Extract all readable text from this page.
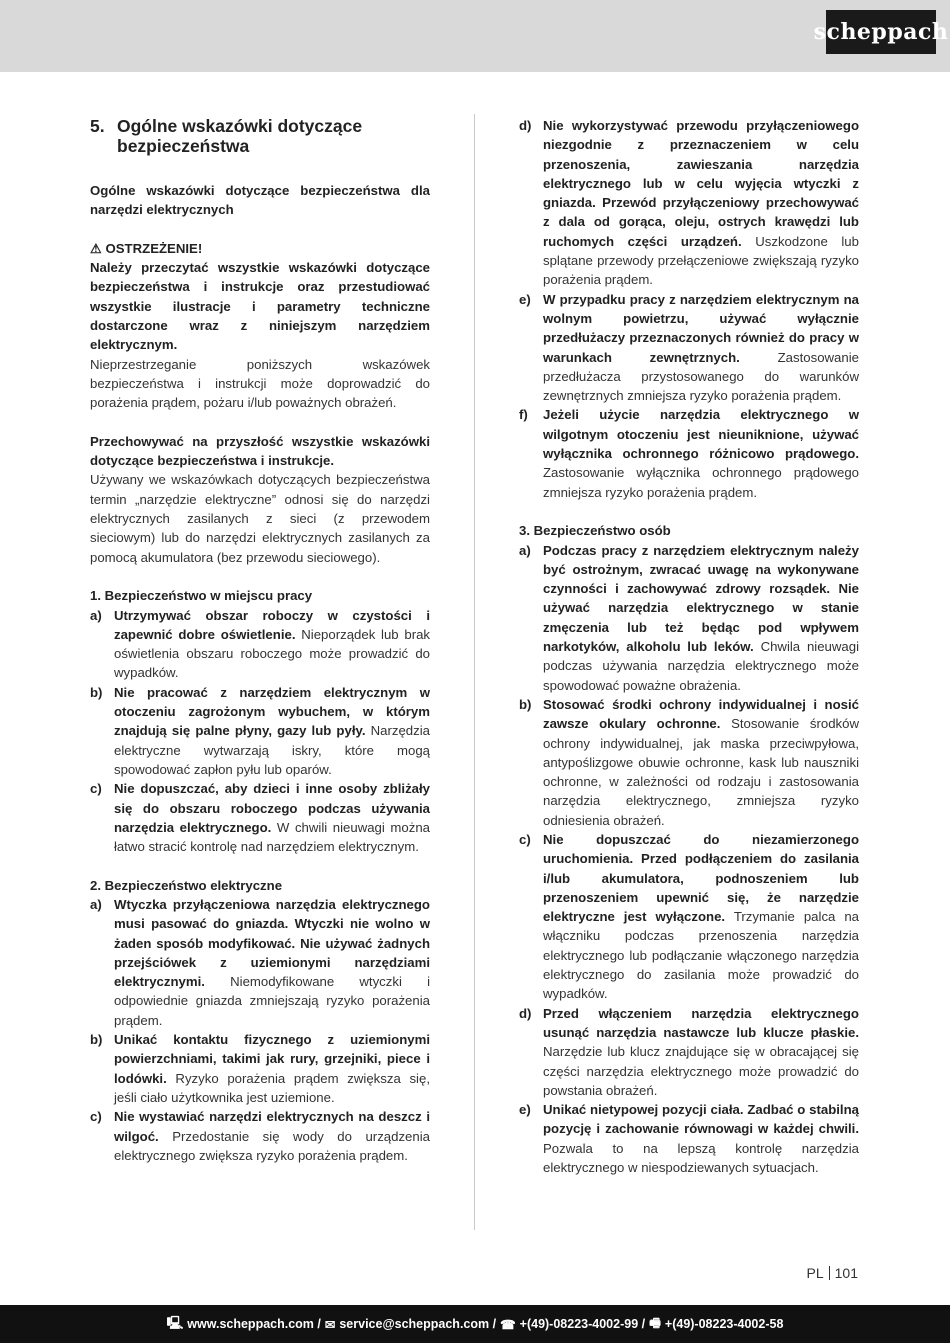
scheppach
5. Ogólne wskazówki dotyczące bezpieczeństwa

Ogólne wskazówki dotyczące bezpieczeństwa dla narzędzi elektrycznych

⚠ OSTRZEŻENIE!

Należy przeczytać wszystkie wskazówki dotyczące bezpieczeństwa i instrukcje oraz przestudiować wszystkie ilustracje i parametry techniczne dostarczone wraz z niniejszym narzędziem elektrycznym.

Nieprzestrzeganie poniższych wskazówek bezpieczeństwa i instrukcji może doprowadzić do porażenia prądem, pożaru i/lub poważnych obrażeń.

Przechowywać na przyszłość wszystkie wskazówki dotyczące bezpieczeństwa i instrukcje.

Używany we wskazówkach dotyczących bezpieczeństwa termin „narzędzie elektryczne” odnosi się do narzędzi elektrycznych zasilanych z sieci (z przewodem sieciowym) lub do narzędzi elektrycznych zasilanych za pomocą akumulatora (bez przewodu sieciowego).

1. Bezpieczeństwo w miejscu pracy

a) Utrzymywać obszar roboczy w czystości i zapewnić dobre oświetlenie. Nieporządek lub brak oświetlenia obszaru roboczego może prowadzić do wypadków.
b) Nie pracować z narzędziem elektrycznym w otoczeniu zagrożonym wybuchem, w którym znajdują się palne płyny, gazy lub pyły. Narzędzia elektryczne wytwarzają iskry, które mogą spowodować zapłon pyłu lub oparów.
c) Nie dopuszczać, aby dzieci i inne osoby zbliżały się do obszaru roboczego podczas używania narzędzia elektrycznego. W chwili nieuwagi można łatwo stracić kontrolę nad narzędziem elektrycznym.

2. Bezpieczeństwo elektryczne

a) Wtyczka przyłączeniowa narzędzia elektrycznego musi pasować do gniazda. Wtyczki nie wolno w żaden sposób modyfikować. Nie używać żadnych przejściówek z uziemionymi narzędziami elektrycznymi. Niemodyfikowane wtyczki i odpowiednie gniazda zmniejszają ryzyko porażenia prądem.
b) Unikać kontaktu fizycznego z uziemionymi powierzchniami, takimi jak rury, grzejniki, piece i lodówki. Ryzyko porażenia prądem zwiększa się, jeśli ciało użytkownika jest uziemione.
c) Nie wystawiać narzędzi elektrycznych na deszcz i wilgoć. Przedostanie się wody do urządzenia elektrycznego zwiększa ryzyko porażenia prądem.
d) Nie wykorzystywać przewodu przyłączeniowego niezgodnie z przeznaczeniem w celu przenoszenia, zawieszania narzędzia elektrycznego lub w celu wyjęcia wtyczki z gniazda. Przewód przyłączeniowy przechowywać z dala od gorąca, oleju, ostrych krawędzi lub ruchomych części urządzeń. Uszkodzone lub splątane przewody przełączeniowe zwiększają ryzyko porażenia prądem.
e) W przypadku pracy z narzędziem elektrycznym na wolnym powietrzu, używać wyłącznie przedłużaczy przeznaczonych również do pracy w warunkach zewnętrznych.	Zastosowanie przedłużacza przystosowanego do warunków zewnętrznych zmniejsza ryzyko porażenia prądem.
f)	Jeżeli użycie narzędzia elektrycznego w wilgotnym otoczeniu jest nieuniknione, używać wyłącznika ochronnego różnicowo prądowego. Zastosowanie wyłącznika ochronnego prądowego zmniejsza ryzyko porażenia prądem.

3. Bezpieczeństwo osób

a) Podczas pracy z narzędziem elektrycznym należy być ostrożnym, zwracać uwagę na wykonywane czynności i zachowywać zdrowy rozsądek. Nie używać narzędzia elektrycznego w stanie zmęczenia lub też będąc pod wpływem narkotyków, alkoholu lub leków. Chwila nieuwagi podczas używania narzędzia elektrycznego może spowodować poważne obrażenia.
b) Stosować środki ochrony indywidualnej i nosić zawsze okulary ochronne. Stosowanie środków ochrony indywidualnej, jak maska przeciwpyłowa, antypoślizgowe obuwie ochronne, kask lub nauszniki ochronne, w zależności od rodzaju i zastosowania narzędzia elektrycznego, zmniejsza ryzyko odniesienia obrażeń.
c) Nie dopuszczać do niezamierzonego uruchomienia. Przed podłączeniem do zasilania i/lub akumulatora, podnoszeniem lub przenoszeniem upewnić się, że narzędzie elektryczne jest wyłączone. Trzymanie palca na włączniku podczas przenoszenia narzędzia elektrycznego lub podłączanie włączonego narzędzia elektrycznego do zasilania może prowadzić do wypadków.
d) Przed włączeniem narzędzia elektrycznego usunąć narzędzia nastawcze lub klucze płaskie. Narzędzie lub klucz znajdujące się w obracającej się części narzędzia elektrycznego może prowadzić do powstania obrażeń.
e) Unikać nietypowej pozycji ciała. Zadbać o stabilną pozycję i zachowanie równowagi w każdej chwili. Pozwala to na lepszą kontrolę narzędzia elektrycznego w niespodziewanych sytuacjach.
PL 101
🖳 www.scheppach.com / ✉ service@scheppach.com / ☎ +(49)-08223-4002-99 / 🖷 +(49)-08223-4002-58
